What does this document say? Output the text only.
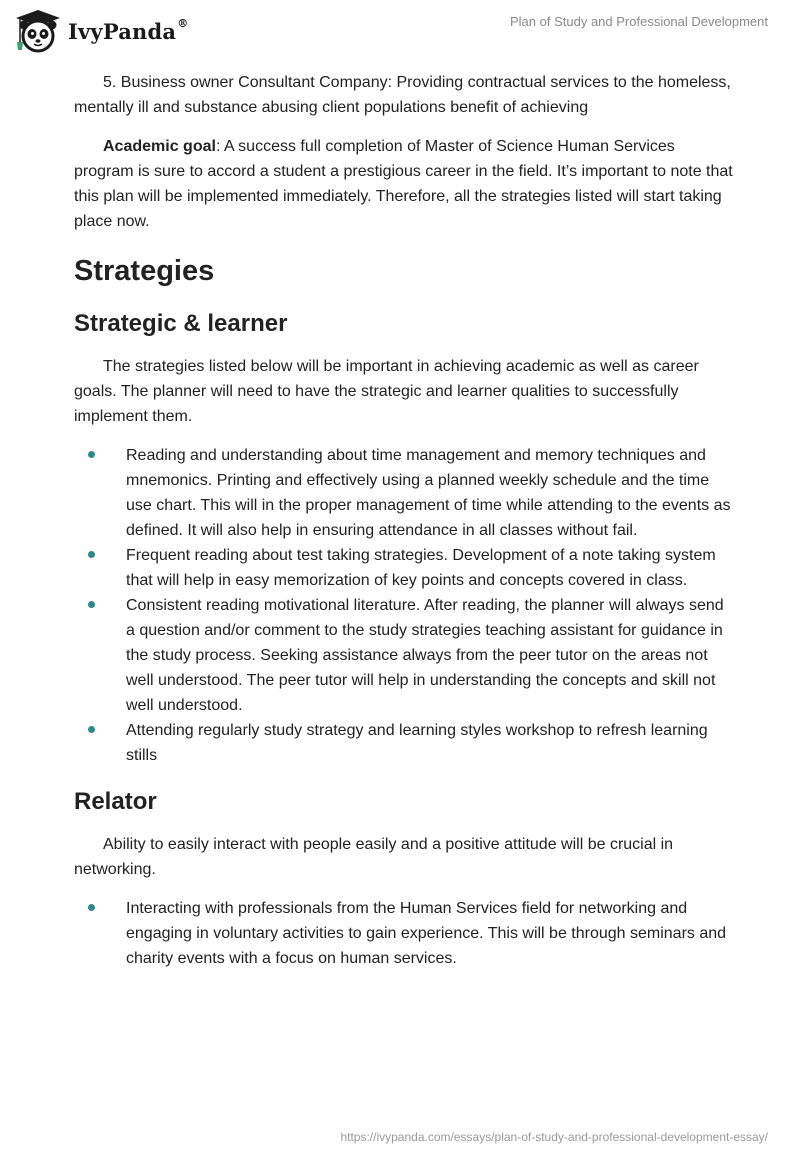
IvyPanda®	Plan of Study and Professional Development

5. Business owner Consultant Company: Providing contractual services to the homeless, mentally ill and substance abusing client populations benefit of achieving

Academic goal: A success full completion of Master of Science Human Services program is sure to accord a student a prestigious career in the field. It’s important to note that this plan will be implemented immediately. Therefore, all the strategies listed will start taking place now.

Strategies
Strategic & learner

The strategies listed below will be important in achieving academic as well as career goals. The planner will need to have the strategic and learner qualities to successfully implement them.

Reading and understanding about time management and memory techniques and mnemonics. Printing and effectively using a planned weekly schedule and the time use chart. This will in the proper management of time while attending to the events as defined. It will also help in ensuring attendance in all classes without fail.
Frequent reading about test taking strategies. Development of a note taking system that will help in easy memorization of key points and concepts covered in class.
Consistent reading motivational literature. After reading, the planner will always send a question and/or comment to the study strategies teaching assistant for guidance in the study process. Seeking assistance always from the peer tutor on the areas not well understood. The peer tutor will help in understanding the concepts and skill not well understood.
Attending regularly study strategy and learning styles workshop to refresh learning stills
Relator

Ability to easily interact with people easily and a positive attitude will be crucial in networking.

Interacting with professionals from the Human Services field for networking and engaging in voluntary activities to gain experience. This will be through seminars and charity events with a focus on human services.
https://ivypanda.com/essays/plan-of-study-and-professional-development-essay/
